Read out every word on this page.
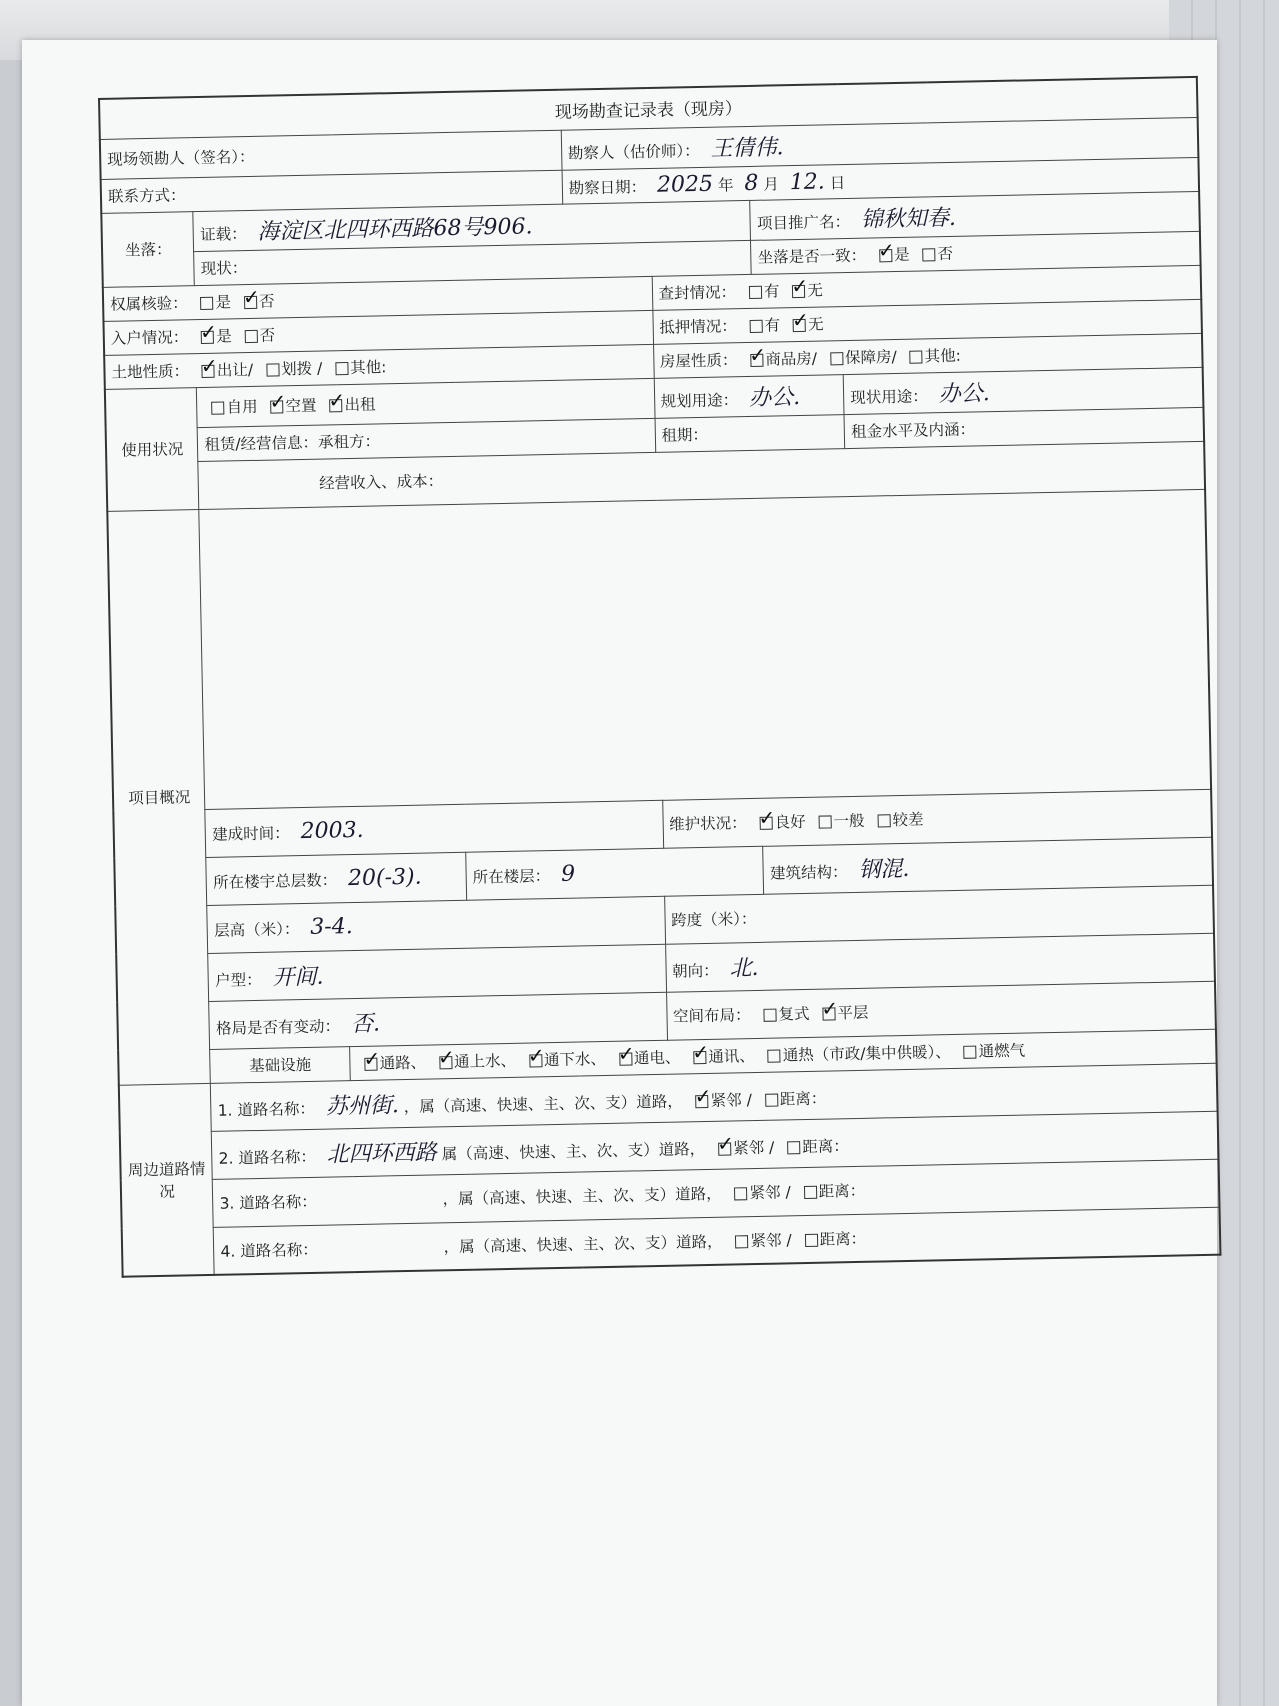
现场勘查记录表（现房）							
现场领勘人（签名）：				勘察人（估价师）： 王倩伟.			
联系方式：				勘察日期： 2025 年 8 月 12. 日			
坐落：	证载： 海淀区北四环西路68号906.					项目推广名： 锦秋知春.	
	现状：					坐落是否一致： ✓ 是 否
权属核验： 是 ✓ 否					查封情况： 有 ✓ 无
入户情况： ✓ 是 否					抵押情况： 有 ✓ 无
土地性质： ✓ 出让/ 划拨 / 其他:					房屋性质： ✓ 商品房/ 保障房/ 其他:
使用状况	自用 ✓ 空置 ✓ 出租				规划用途： 办公.		现状用途： 办公.
	租赁/经营信息：承租方：				租期：		租金水平及内涵：
	经营收入、成本：						
项目概况							
	建成时间： 2003.				维护状况： ✓ 良好 一般 较差
	所在楼宇总层数： 20(-3).		所在楼层： 9			建筑结构： 钢混.	
	层高（米）： 3-4.				跨度（米）：		
	户型： 开间.				朝向： 北.		
	格局是否有变动： 否.				空间布局： 复式 ✓ 平层
	基础设施	✓通路、 ✓ 通上水、 ✓ 通下水、 ✓ 通电、 ✓ 通讯、 通热（市政/集中供暖）、 通燃气
周边道路情况	1. 道路名称： 苏州街. ，属（高速、快速、主、次、支）道路， ✓ 紧邻 / 距离：
	2. 道路名称： 北四环西路 属（高速、快速、主、次、支）道路， ✓ 紧邻 / 距离：
	3. 道路名称： ，属（高速、快速、主、次、支）道路， 紧邻 / 距离：						
	4. 道路名称： ，属（高速、快速、主、次、支）道路， 紧邻 / 距离：						
